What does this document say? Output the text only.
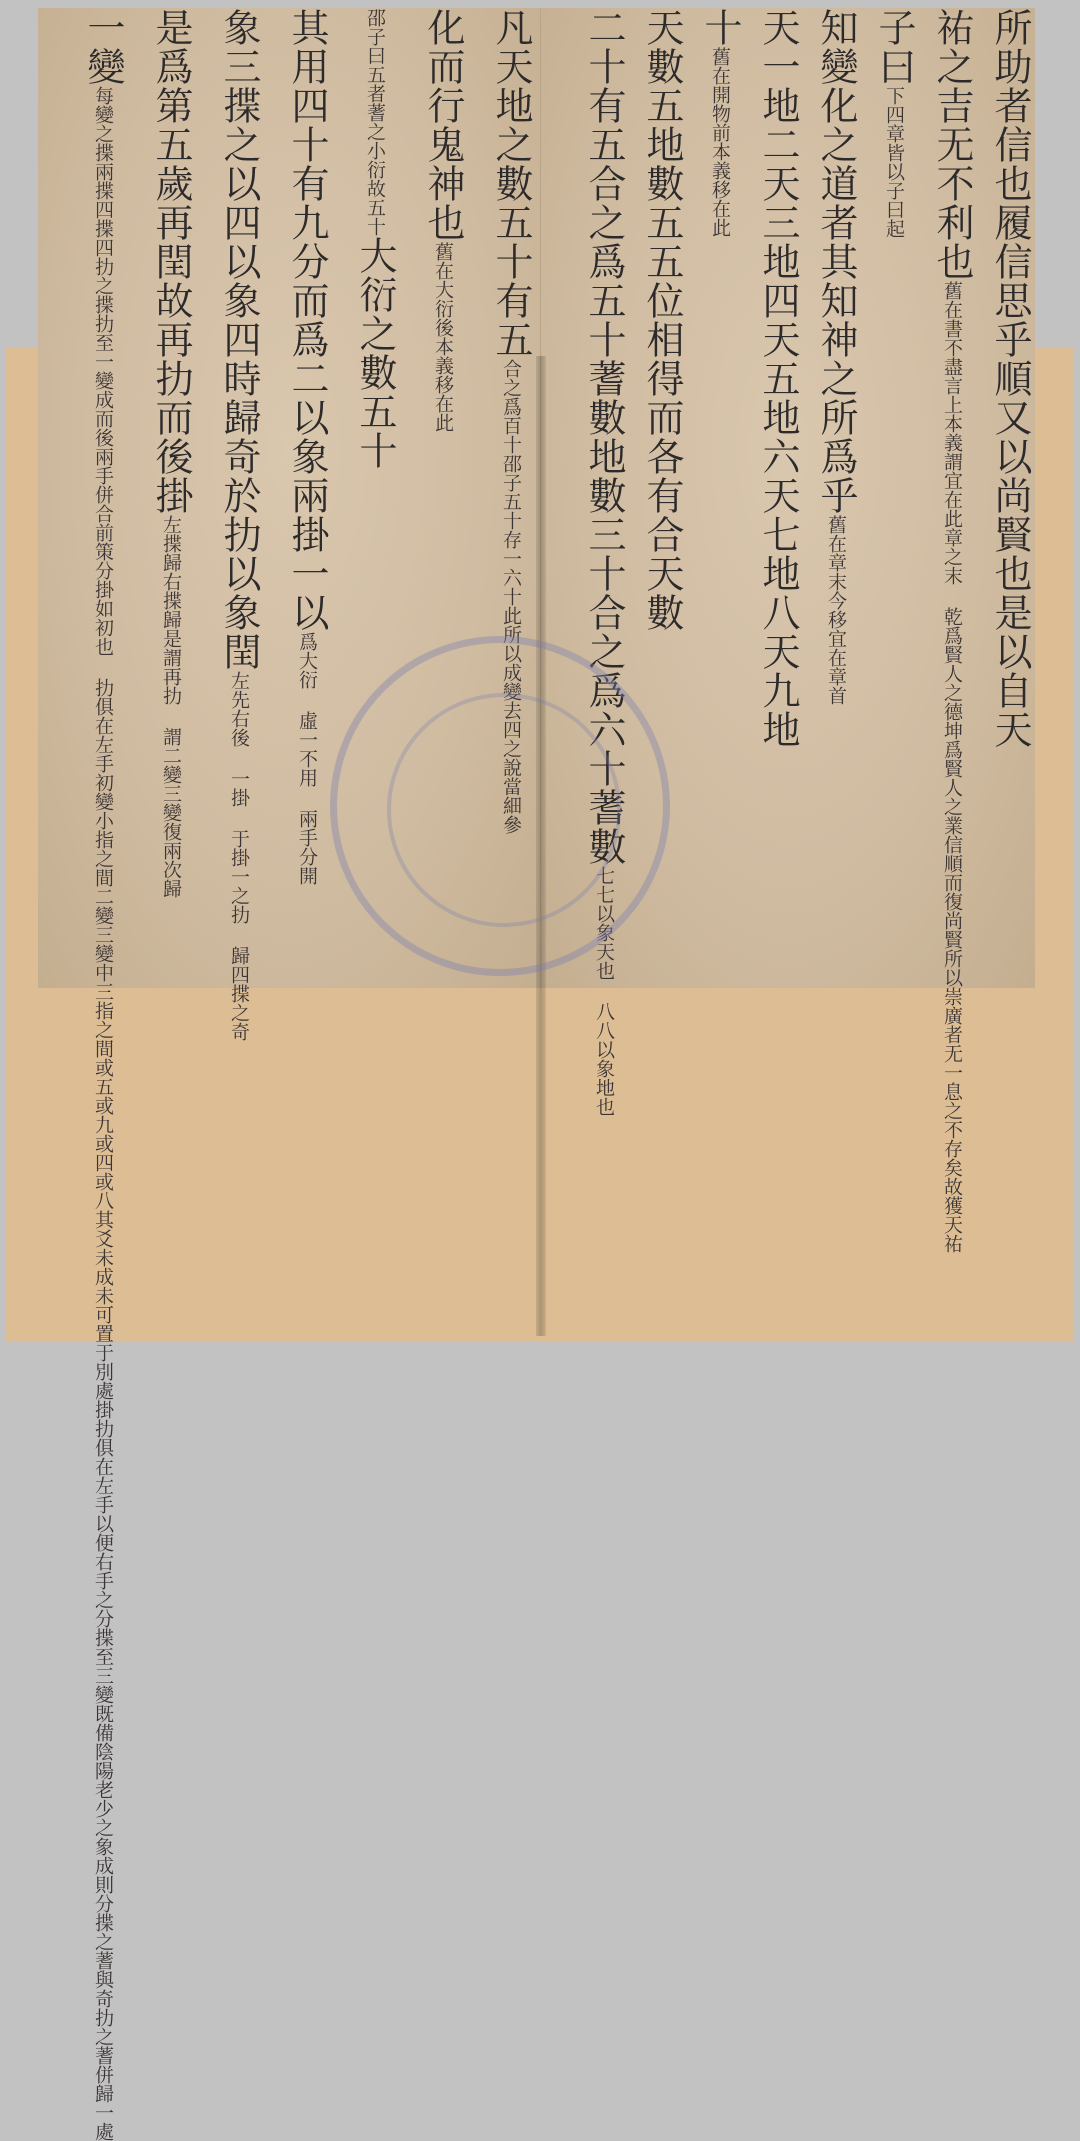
凡天地之數五十有五合之爲百十邵子五十存一六十此所以成變去四之說當細參
化而行鬼神也舊在大衍後本義移在此
邵子曰五者蓍之小衍故五十大衍之數五十
其用四十有九分而爲二以象兩掛一以爲大衍 虛一不用 兩手分開
象三揲之以四以象四時歸奇於扐以象閏左先右後 一掛 于掛一之扐 歸四揲之奇
是爲第五歲再閏故再扐而後掛左揲歸右揲歸是謂再扐 謂二變三變復兩次歸
一變每變之揲兩揲四揲四扐之揲扐至一變成而後兩手併合前策分掛如初也 扐俱在左手初變小指之間二變三變中三指之間或五或九或四或八其爻未成未可置于別處掛扐俱在左手以便右手之分揲至三變既備陰陽老少之象成則分揲之蓍與奇扐之蓍併歸一處	所助者信也履信思乎順又以尚賢也是以自天
祐之吉无不利也舊在書不盡言上本義謂宜在此章之末 乾爲賢人之德坤爲賢人之業信順而復尚賢所以崇廣者无一息之不存矣故獲天祐
子曰下四章皆以子曰起
知變化之道者其知神之所爲乎舊在章末今移宜在章首
天一地二天三地四天五地六天七地八天九地
十舊在開物前本義移在此
天數五地數五五位相得而各有合天數
二十有五合之爲五十蓍數地數三十合之爲六十蓍數七七以象天也 八八以象地也
